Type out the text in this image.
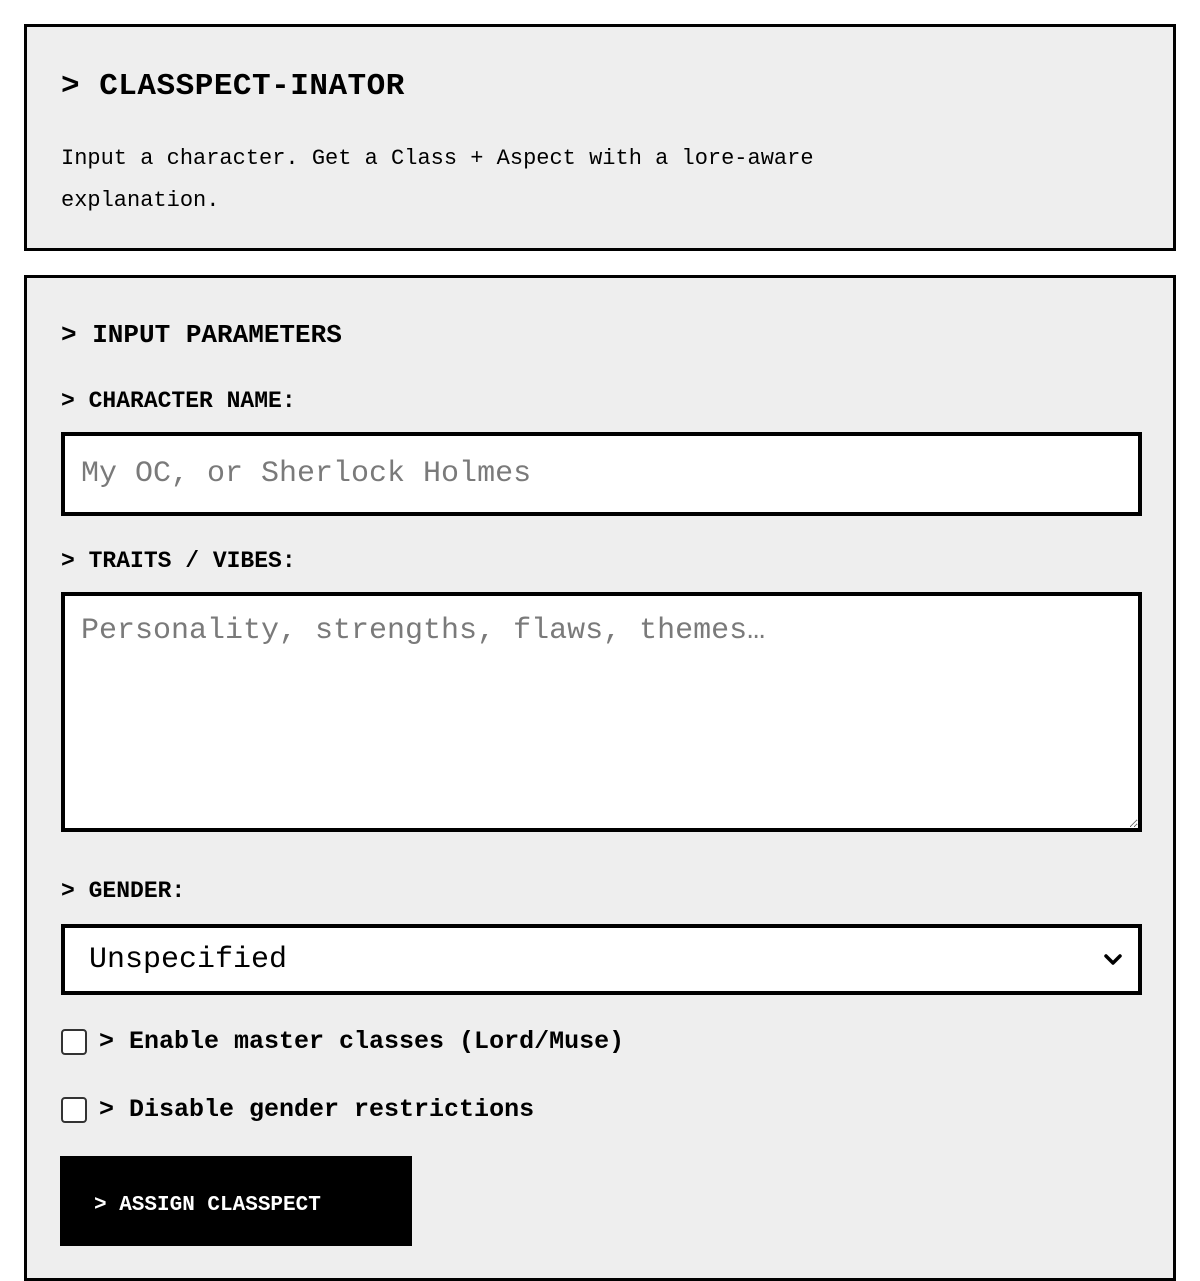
> CLASSPECT-INATOR
Input a character. Get a Class + Aspect with a lore-aware explanation.
> INPUT PARAMETERS
> CHARACTER NAME:
My OC, or Sherlock Holmes
> TRAITS / VIBES:
Personality, strengths, flaws, themes…
> GENDER:
Unspecified
> Enable master classes (Lord/Muse)
> Disable gender restrictions
> ASSIGN CLASSPECT
